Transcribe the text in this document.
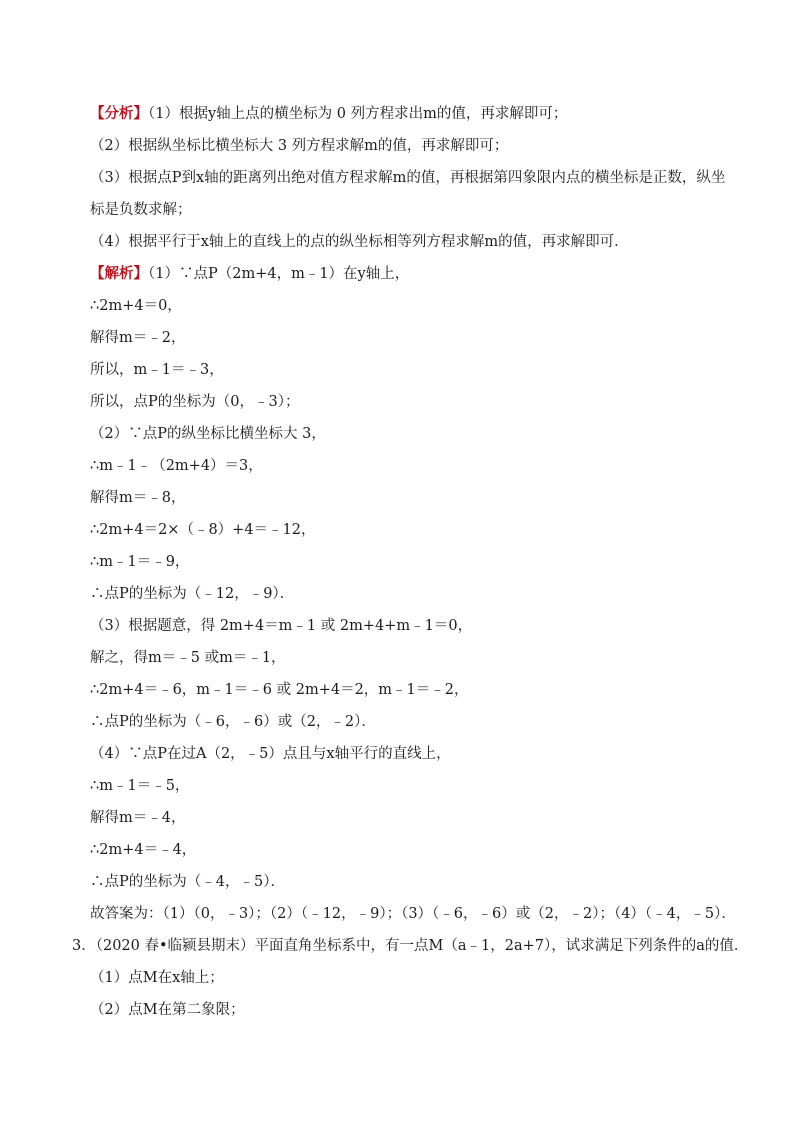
【分析】（1）根据y轴上点的横坐标为 0 列方程求出m的值，再求解即可；
（2）根据纵坐标比横坐标大 3 列方程求解m的值，再求解即可；
（3）根据点P到x轴的距离列出绝对值方程求解m的值，再根据第四象限内点的横坐标是正数，纵坐
标是负数求解；
（4）根据平行于x轴上的直线上的点的纵坐标相等列方程求解m的值，再求解即可．
【解析】（1）∵点P（2m+4，m﹣1）在y轴上，
∴2m+4＝0，
解得m＝﹣2，
所以，m﹣1＝﹣3，
所以，点P的坐标为（0，﹣3）；
（2）∵点P的纵坐标比横坐标大 3，
∴m﹣1﹣（2m+4）＝3，
解得m＝﹣8，
∴2m+4＝2×（﹣8）+4＝﹣12，
∴m﹣1＝﹣9，
∴点P的坐标为（﹣12，﹣9）．
（3）根据题意，得 2m+4＝m﹣1 或 2m+4+m﹣1＝0，
解之，得m＝﹣5 或m＝﹣1，
∴2m+4＝﹣6，m﹣1＝﹣6 或 2m+4＝2，m﹣1＝﹣2，
∴点P的坐标为（﹣6，﹣6）或（2，﹣2）．
（4）∵点P在过A（2，﹣5）点且与x轴平行的直线上，
∴m﹣1＝﹣5，
解得m＝﹣4，
∴2m+4＝﹣4，
∴点P的坐标为（﹣4，﹣5）．
故答案为：（1）（0，﹣3）；（2）（﹣12，﹣9）；（3）（﹣6，﹣6）或（2，﹣2）；（4）（﹣4，﹣5）．
3．（2020 春•临颍县期末）平面直角坐标系中，有一点M（a﹣1，2a+7），试求满足下列条件的a的值．
（1）点M在x轴上；
（2）点M在第二象限；
